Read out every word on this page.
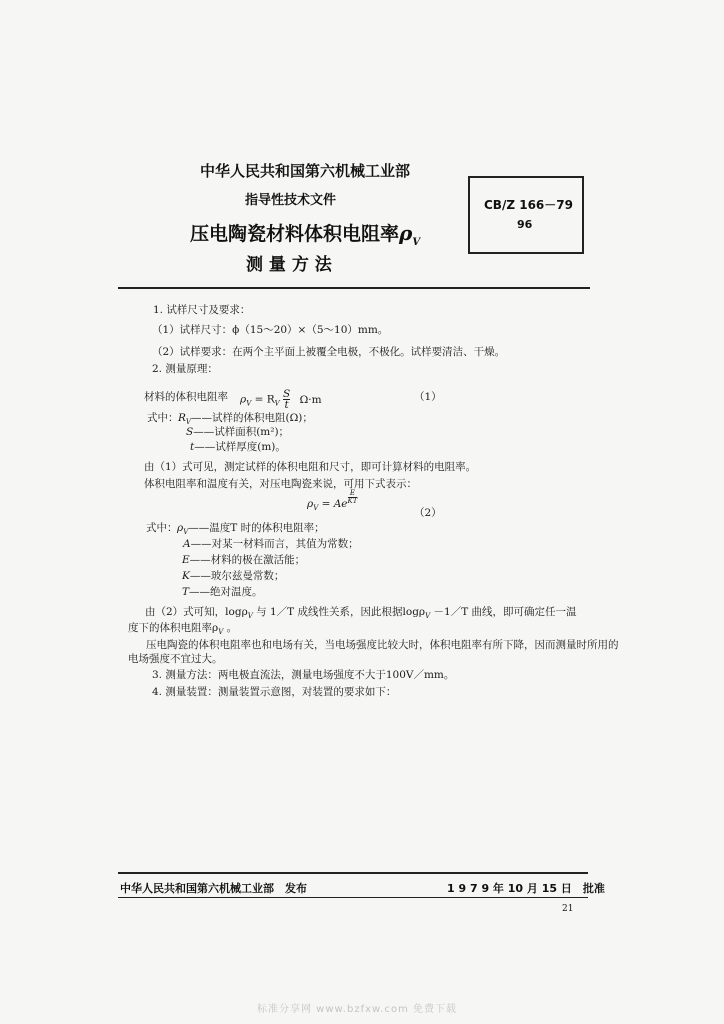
中华人民共和国第六机械工业部
指导性技术文件
压电陶瓷材料体积电阻率$\rho_V$
测 量 方 法
CB/Z 166－79
96
1. 试样尺寸及要求：
（1）试样尺寸：ϕ（15～20）×（5～10）mm。
（2）试样要求：在两个主平面上被覆全电极，不极化。试样要清洁、干燥。
2. 测量原理：
材料的体积电阻率 $\rho_V = R_V \frac{S}{t} \Omega\cdot m$	（1）
式中： $R_V——$试样的体积电阻(Ω)；
S——试样面积(m²)；
t——试样厚度(m)。
由（1）式可见，测定试样的体积电阻和尺寸，即可计算材料的电阻率。
体积电阻率和温度有关，对压电陶瓷来说，可用下式表示：
$\rho_V = Ae \frac{E}{KT}$
（2）
式中： $\rho_V——$温度T 时的体积电阻率；
A——对某一材料而言，其值为常数；
E——材料的极在激活能；
K——玻尔兹曼常数；
T——绝对温度。
由（2）式可知，logρ$_V$ 与 1／T 成线性关系，因此根据logρ$_V$ －1／T 曲线，即可确定任一温
度下的体积电阻率$\rho_V$ 。
压电陶瓷的体积电阻率也和电场有关，当电场强度比较大时，体积电阻率有所下降，因而测量时所用的
电场强度不宜过大。
3. 测量方法：两电极直流法，测量电场强度不大于100V／mm。
4. 测量装置：测量装置示意图，对装置的要求如下：
中华人民共和国第六机械工业部　发布	1 9 7 9 年 10 月 15 日　批准
21
标准分享网 www.bzfxw.com 免费下载
